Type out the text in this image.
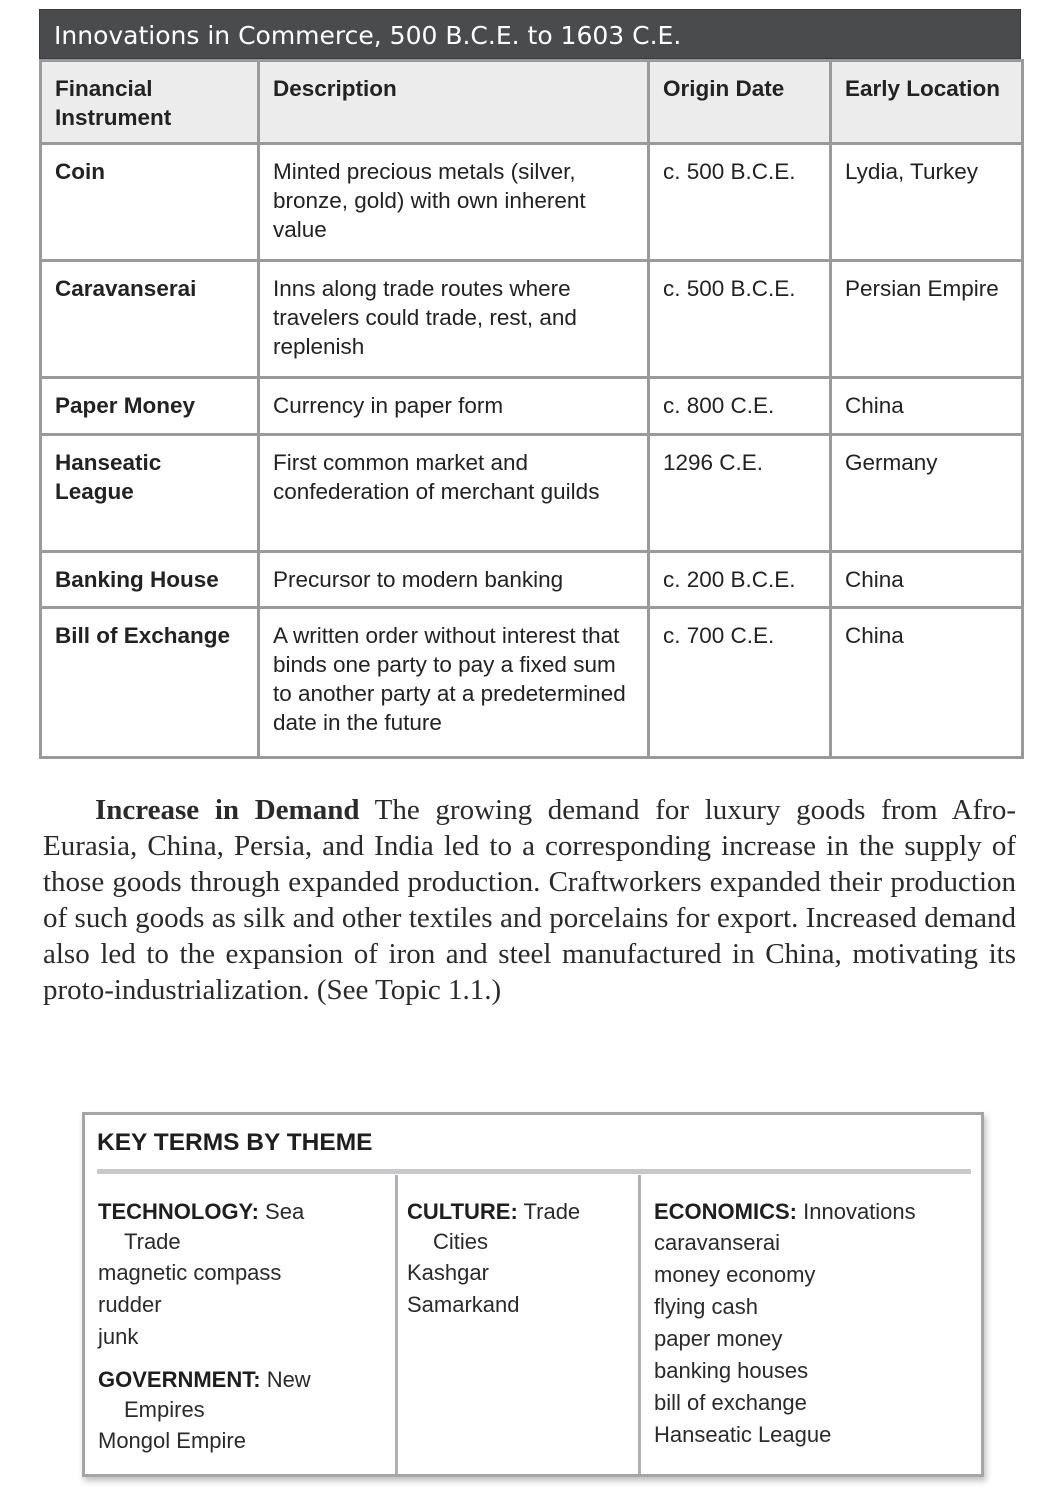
Innovations in Commerce, 500 B.C.E. to 1603 C.E.
Financial Instrument	Description	Origin Date	Early Location
Coin	Minted precious metals (silver, bronze, gold) with own inherent value	c. 500 B.C.E.	Lydia, Turkey
Caravanserai	Inns along trade routes where travelers could trade, rest, and replenish	c. 500 B.C.E.	Persian Empire
Paper Money	Currency in paper form	c. 800 C.E.	China
Hanseatic League	First common market and confederation of merchant guilds	1296 C.E.	Germany
Banking House	Precursor to modern banking	c. 200 B.C.E.	China
Bill of Exchange	A written order without interest that binds one party to pay a fixed sum to another party at a predetermined date in the future	c. 700 C.E.	China
Increase in Demand The growing demand for luxury goods from Afro-Eurasia, China, Persia, and India led to a corresponding increase in the supply of those goods through expanded production. Craftworkers expanded their production of such goods as silk and other textiles and porcelains for export. Increased demand also led to the expansion of iron and steel manufactured in China, motivating its proto-industrialization. (See Topic 1.1.)
KEY TERMS BY THEME
TECHNOLOGY: Sea
Trade
magnetic compass
rudder
junk
GOVERNMENT: New
Empires
Mongol Empire
CULTURE: Trade
Cities
Kashgar
Samarkand
ECONOMICS: Innovations
caravanserai
money economy
flying cash
paper money
banking houses
bill of exchange
Hanseatic League
